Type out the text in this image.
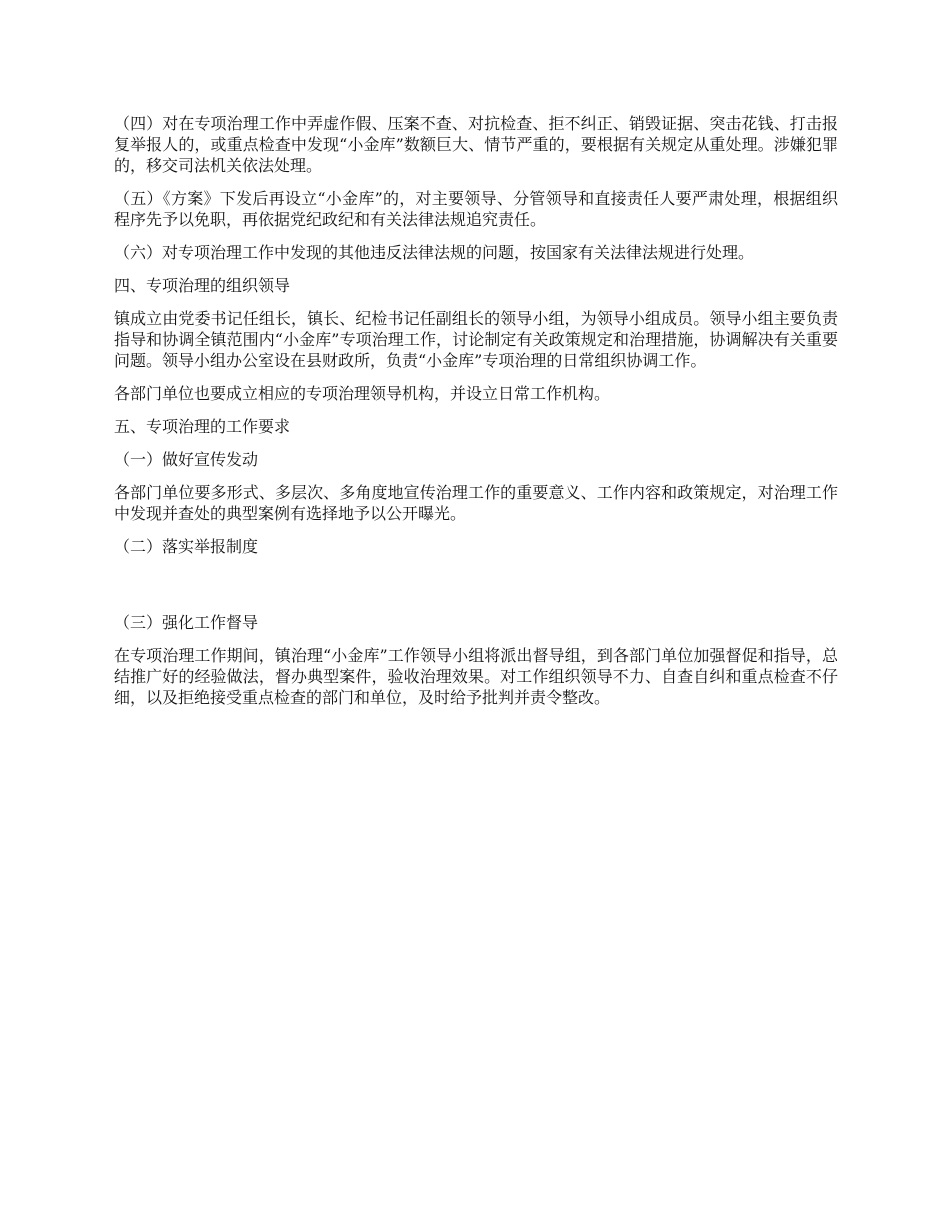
（四）对在专项治理工作中弄虚作假、压案不查、对抗检查、拒不纠正、销毁证据、突击花钱、打击报复举报人的，或重点检查中发现“小金库”数额巨大、情节严重的，要根据有关规定从重处理。涉嫌犯罪的，移交司法机关依法处理。

（五）《方案》下发后再设立“小金库”的，对主要领导、分管领导和直接责任人要严肃处理，根据组织程序先予以免职，再依据党纪政纪和有关法律法规追究责任。

（六）对专项治理工作中发现的其他违反法律法规的问题，按国家有关法律法规进行处理。

四、专项治理的组织领导

镇成立由党委书记任组长，镇长、纪检书记任副组长的领导小组，为领导小组成员。领导小组主要负责指导和协调全镇范围内“小金库”专项治理工作，讨论制定有关政策规定和治理措施，协调解决有关重要问题。领导小组办公室设在县财政所，负责“小金库”专项治理的日常组织协调工作。

各部门单位也要成立相应的专项治理领导机构，并设立日常工作机构。

五、专项治理的工作要求

（一）做好宣传发动

各部门单位要多形式、多层次、多角度地宣传治理工作的重要意义、工作内容和政策规定，对治理工作中发现并查处的典型案例有选择地予以公开曝光。

（二）落实举报制度

（三）强化工作督导

在专项治理工作期间，镇治理“小金库”工作领导小组将派出督导组，到各部门单位加强督促和指导，总结推广好的经验做法，督办典型案件，验收治理效果。对工作组织领导不力、自查自纠和重点检查不仔细，以及拒绝接受重点检查的部门和单位，及时给予批判并责令整改。
